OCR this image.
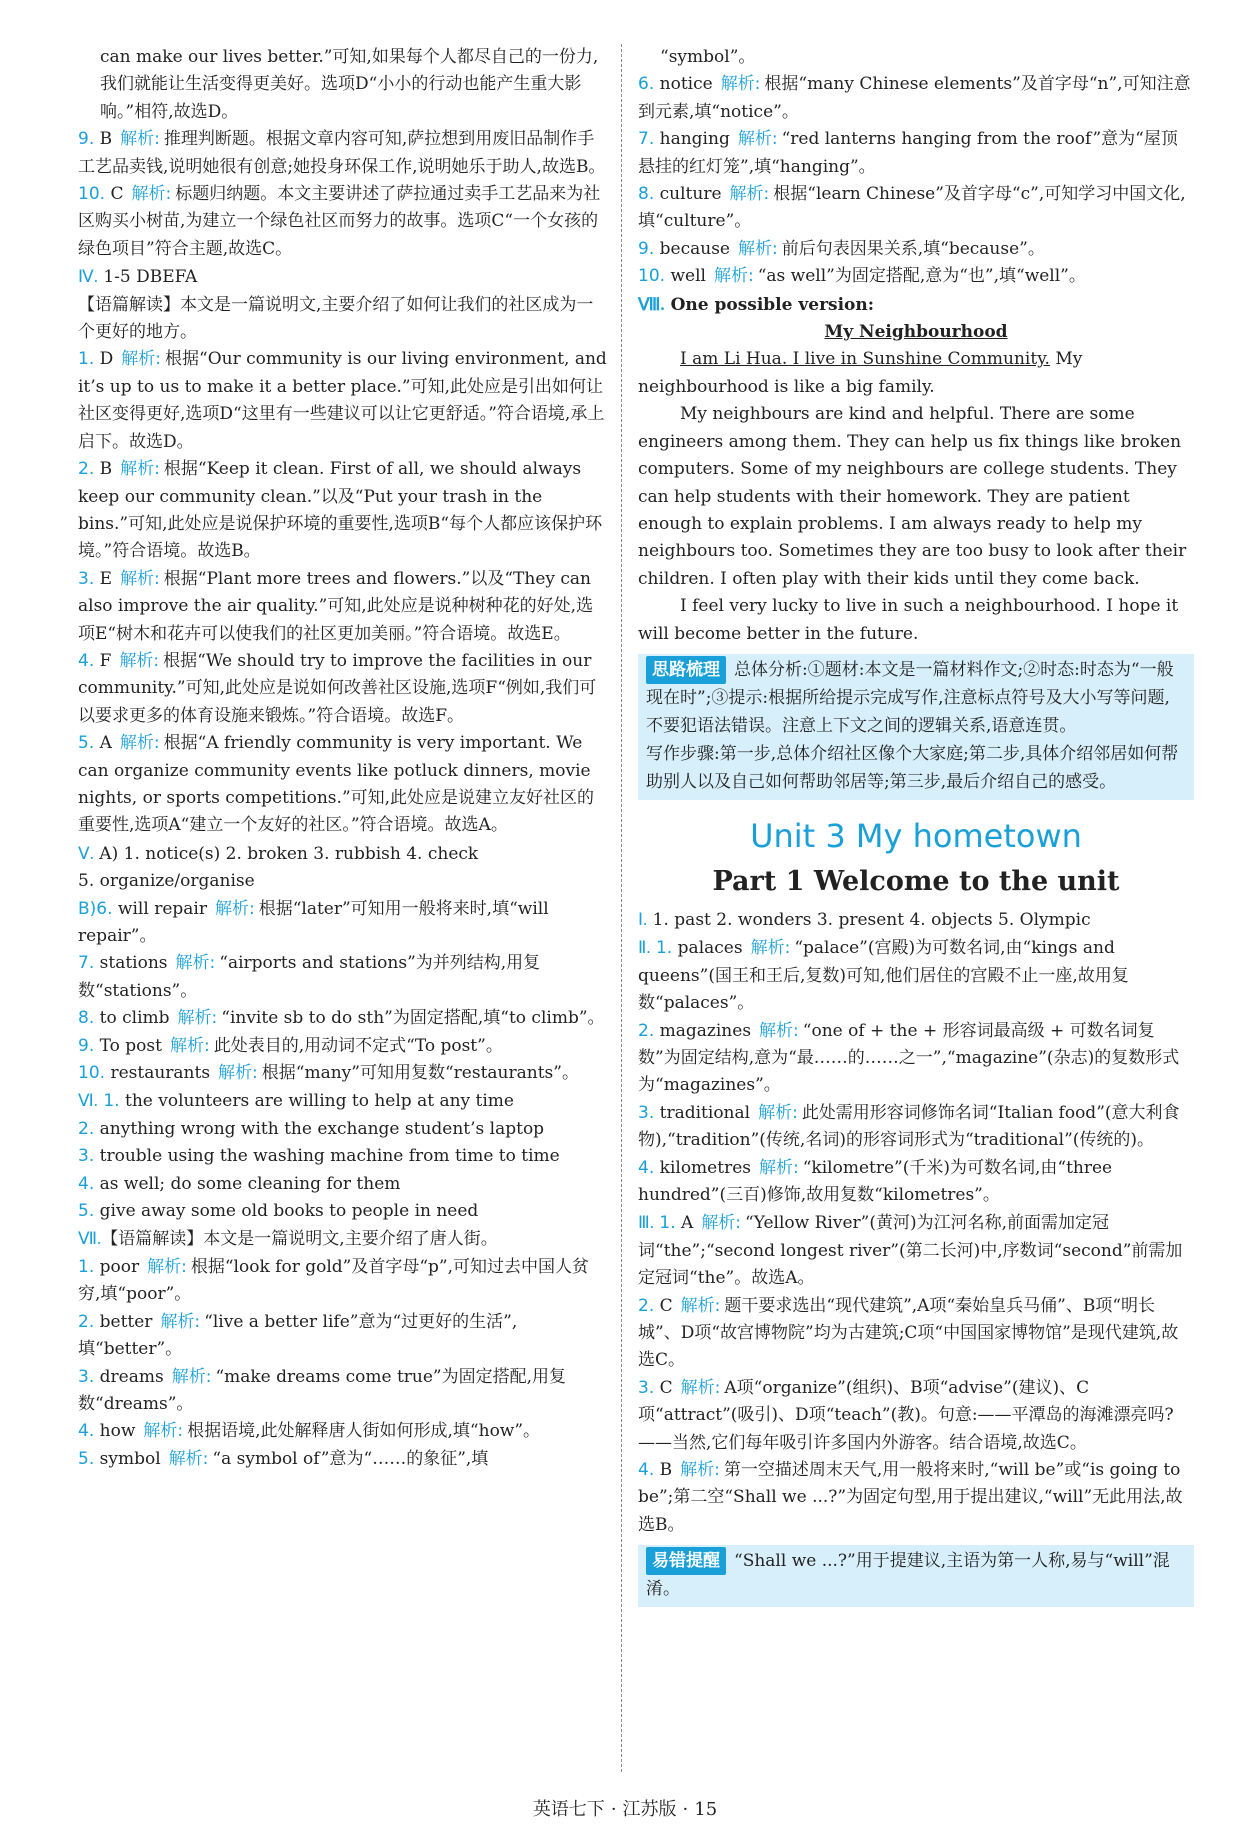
can make our lives better.”可知,如果每个人都尽自己的一份力,我们就能让生活变得更美好。选项D“小小的行动也能产生重大影响。”相符,故选D。

9. B 解析: 推理判断题。根据文章内容可知,萨拉想到用废旧品制作手工艺品卖钱,说明她很有创意;她投身环保工作,说明她乐于助人,故选B。

10. C 解析: 标题归纳题。本文主要讲述了萨拉通过卖手工艺品来为社区购买小树苗,为建立一个绿色社区而努力的故事。选项C“一个女孩的绿色项目”符合主题,故选C。

Ⅳ. 1-5 DBEFA

【语篇解读】本文是一篇说明文,主要介绍了如何让我们的社区成为一个更好的地方。

1. D 解析: 根据“Our community is our living environment, and it’s up to us to make it a better place.”可知,此处应是引出如何让社区变得更好,选项D“这里有一些建议可以让它更舒适。”符合语境,承上启下。故选D。

2. B 解析: 根据“Keep it clean. First of all, we should always keep our community clean.”以及“Put your trash in the bins.”可知,此处应是说保护环境的重要性,选项B“每个人都应该保护环境。”符合语境。故选B。

3. E 解析: 根据“Plant more trees and flowers.”以及“They can also improve the air quality.”可知,此处应是说种树种花的好处,选项E“树木和花卉可以使我们的社区更加美丽。”符合语境。故选E。

4. F 解析: 根据“We should try to improve the facilities in our community.”可知,此处应是说如何改善社区设施,选项F“例如,我们可以要求更多的体育设施来锻炼。”符合语境。故选F。

5. A 解析: 根据“A friendly community is very important. We can organize community events like potluck dinners, movie nights, or sports competitions.”可知,此处应是说建立友好社区的重要性,选项A“建立一个友好的社区。”符合语境。故选A。

Ⅴ. A) 1. notice(s) 2. broken 3. rubbish 4. check

5. organize/organise

B)6. will repair 解析: 根据“later”可知用一般将来时,填“will repair”。

7. stations 解析: “airports and stations”为并列结构,用复数“stations”。

8. to climb 解析: “invite sb to do sth”为固定搭配,填“to climb”。

9. To post 解析: 此处表目的,用动词不定式“To post”。

10. restaurants 解析: 根据“many”可知用复数“restaurants”。

Ⅵ. 1. the volunteers are willing to help at any time

2. anything wrong with the exchange student’s laptop

3. trouble using the washing machine from time to time

4. as well; do some cleaning for them

5. give away some old books to people in need

Ⅶ.【语篇解读】本文是一篇说明文,主要介绍了唐人街。

1. poor 解析: 根据“look for gold”及首字母“p”,可知过去中国人贫穷,填“poor”。

2. better 解析: “live a better life”意为“过更好的生活”,填“better”。

3. dreams 解析: “make dreams come true”为固定搭配,用复数“dreams”。

4. how 解析: 根据语境,此处解释唐人街如何形成,填“how”。

5. symbol 解析: “a symbol of”意为“……的象征”,填

“symbol”。

6. notice 解析: 根据“many Chinese elements”及首字母“n”,可知注意到元素,填“notice”。

7. hanging 解析: “red lanterns hanging from the roof”意为“屋顶悬挂的红灯笼”,填“hanging”。

8. culture 解析: 根据“learn Chinese”及首字母“c”,可知学习中国文化,填“culture”。

9. because 解析: 前后句表因果关系,填“because”。

10. well 解析: “as well”为固定搭配,意为“也”,填“well”。

Ⅷ. One possible version:

My Neighbourhood

I am Li Hua. I live in Sunshine Community. My neighbourhood is like a big family.

My neighbours are kind and helpful. There are some engineers among them. They can help us fix things like broken computers. Some of my neighbours are college students. They can help students with their homework. They are patient enough to explain problems. I am always ready to help my neighbours too. Sometimes they are too busy to look after their children. I often play with their kids until they come back.

I feel very lucky to live in such a neighbourhood. I hope it will become better in the future.

思路梳理 总体分析:①题材:本文是一篇材料作文;②时态:时态为“一般现在时”;③提示:根据所给提示完成写作,注意标点符号及大小写等问题,不要犯语法错误。注意上下文之间的逻辑关系,语意连贯。
写作步骤:第一步,总体介绍社区像个大家庭;第二步,具体介绍邻居如何帮助别人以及自己如何帮助邻居等;第三步,最后介绍自己的感受。
Unit 3 My hometown
Part 1 Welcome to the unit

Ⅰ. 1. past 2. wonders 3. present 4. objects 5. Olympic

Ⅱ. 1. palaces 解析: “palace”(宫殿)为可数名词,由“kings and queens”(国王和王后,复数)可知,他们居住的宫殿不止一座,故用复数“palaces”。

2. magazines 解析: “one of + the + 形容词最高级 + 可数名词复数”为固定结构,意为“最……的……之一”,“magazine”(杂志)的复数形式为“magazines”。

3. traditional 解析: 此处需用形容词修饰名词“Italian food”(意大利食物),“tradition”(传统,名词)的形容词形式为“traditional”(传统的)。

4. kilometres 解析: “kilometre”(千米)为可数名词,由“three hundred”(三百)修饰,故用复数“kilometres”。

Ⅲ. 1. A 解析: “Yellow River”(黄河)为江河名称,前面需加定冠词“the”;“second longest river”(第二长河)中,序数词“second”前需加定冠词“the”。故选A。

2. C 解析: 题干要求选出“现代建筑”,A项“秦始皇兵马俑”、B项“明长城”、D项“故宫博物院”均为古建筑;C项“中国国家博物馆”是现代建筑,故选C。

3. C 解析: A项“organize”(组织)、B项“advise”(建议)、C项“attract”(吸引)、D项“teach”(教)。句意:——平潭岛的海滩漂亮吗?——当然,它们每年吸引许多国内外游客。结合语境,故选C。

4. B 解析: 第一空描述周末天气,用一般将来时,“will be”或“is going to be”;第二空“Shall we ...?”为固定句型,用于提出建议,“will”无此用法,故选B。

易错提醒 “Shall we ...?”用于提建议,主语为第一人称,易与“will”混淆。
英语七下 · 江苏版 · 15
